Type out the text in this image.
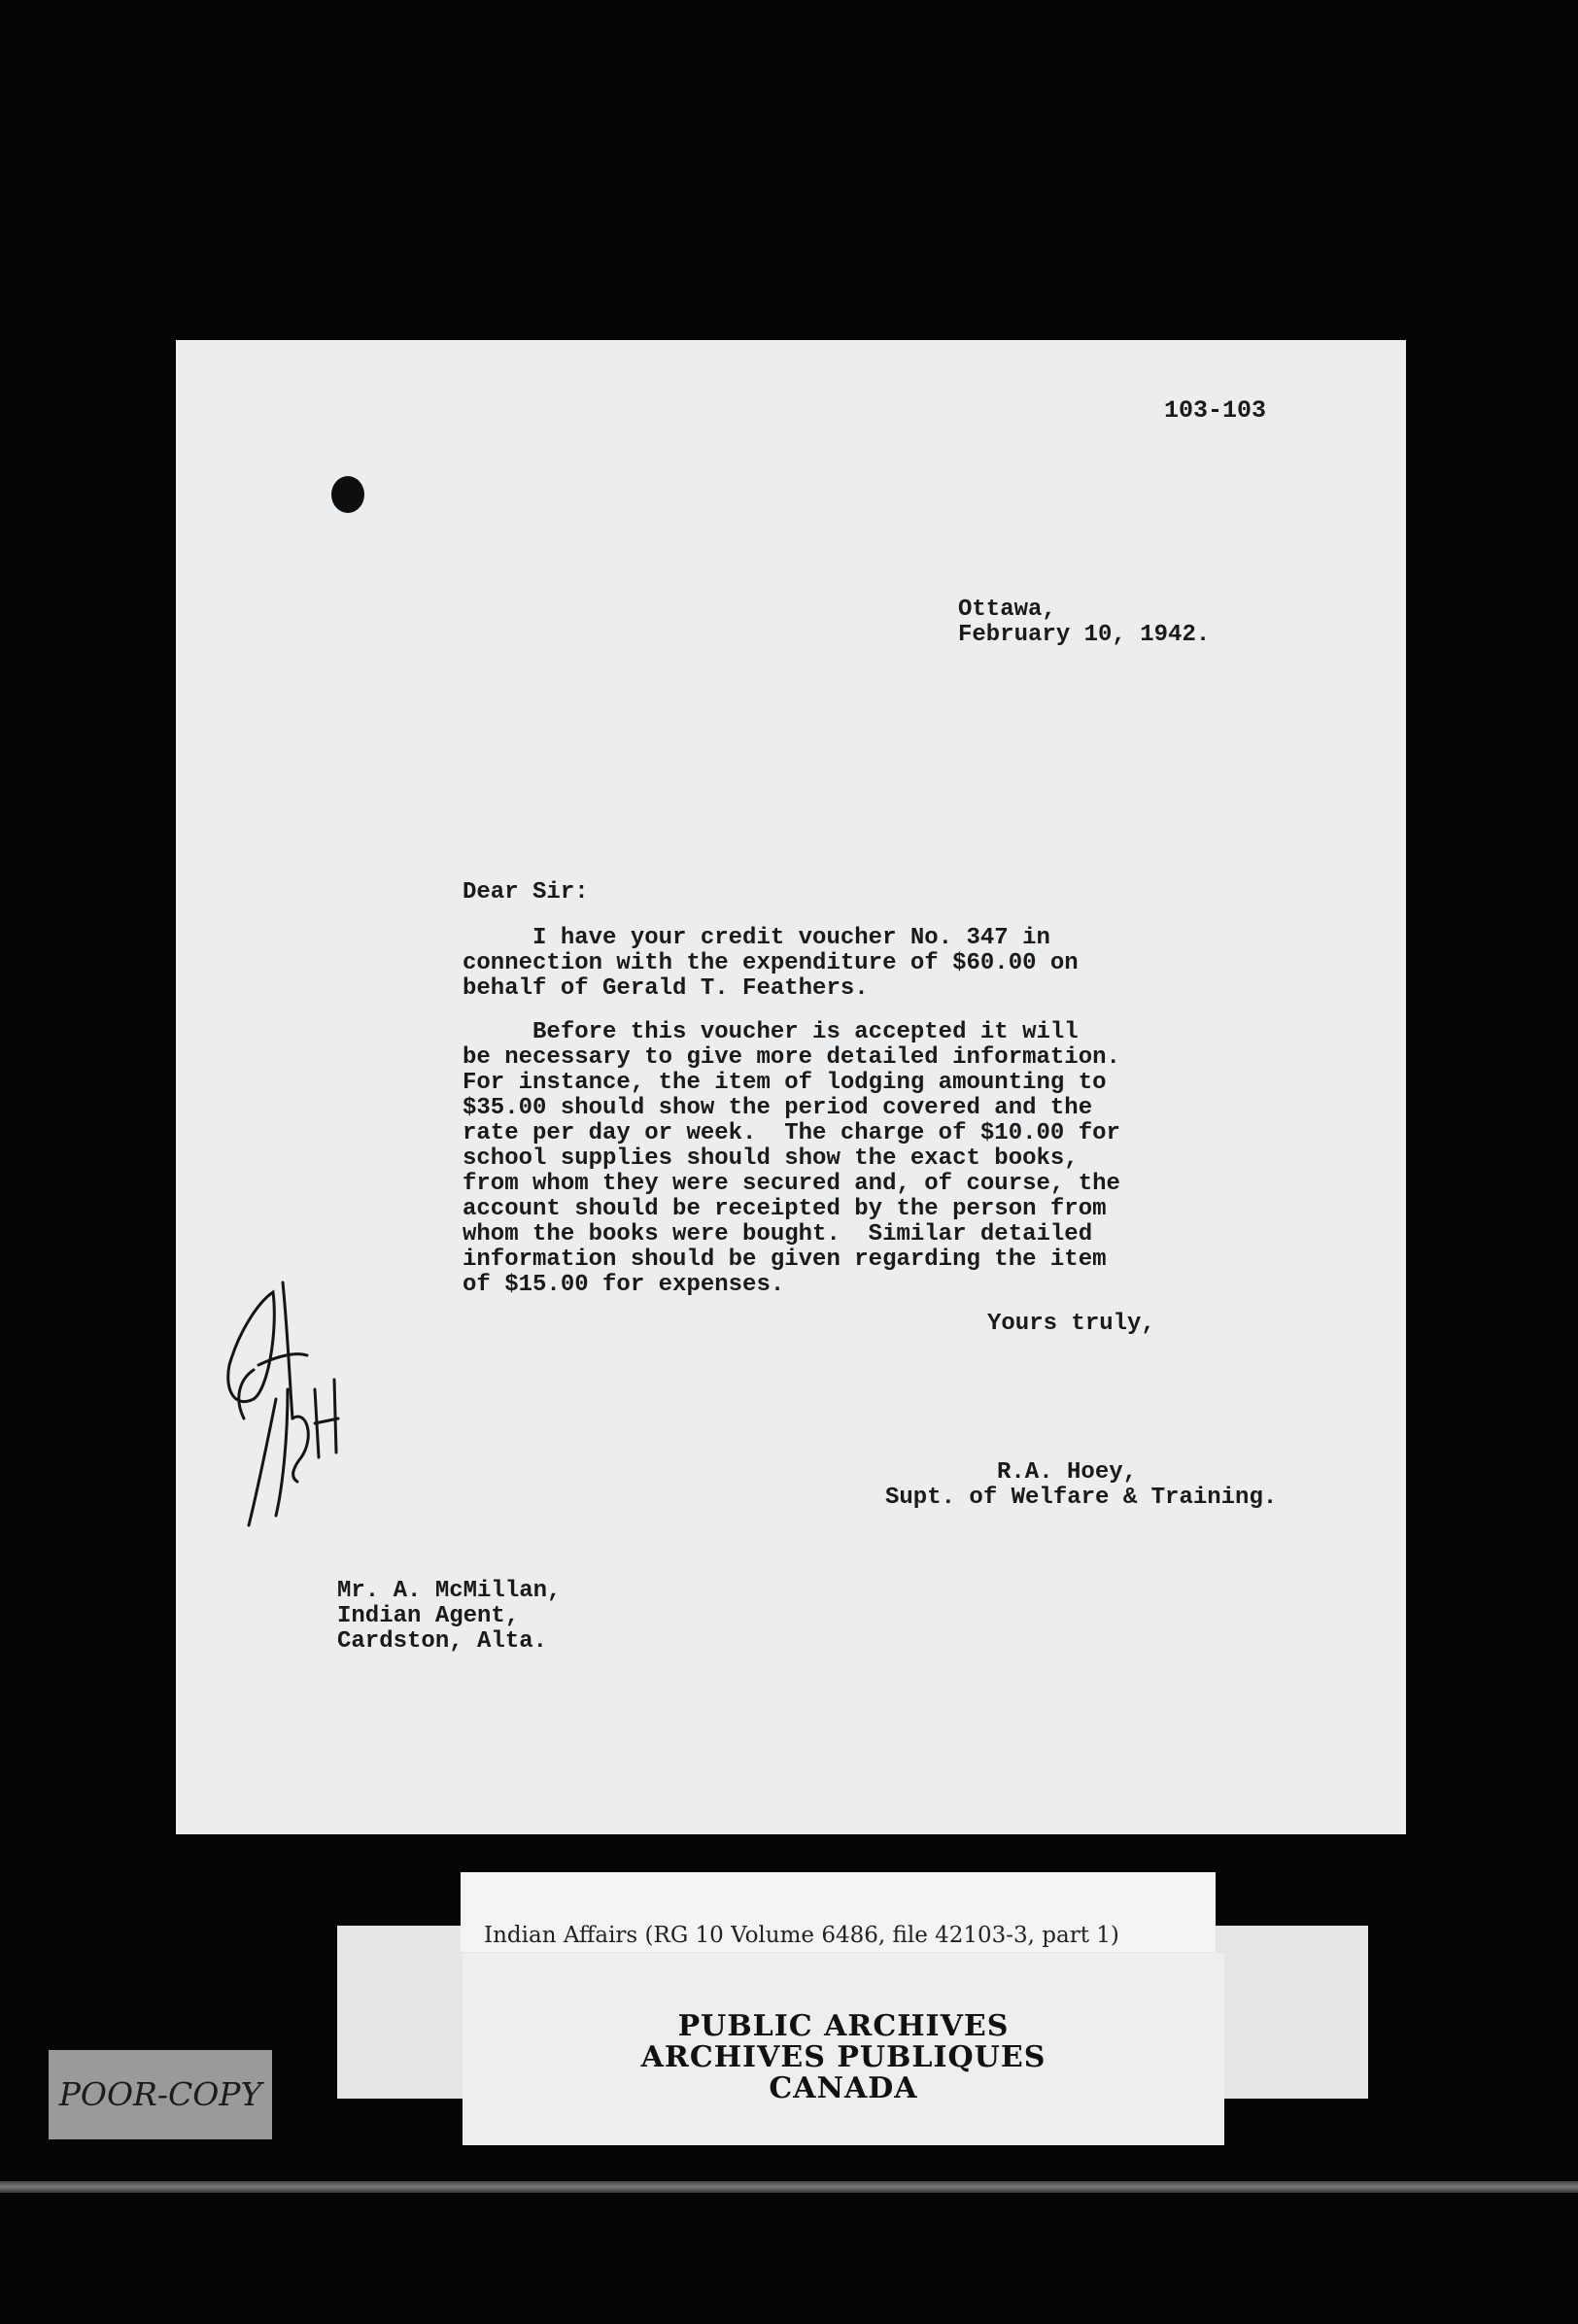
103-103
Ottawa,
February 10, 1942.
Dear Sir:
I have your credit voucher No. 347 in
connection with the expenditure of $60.00 on
behalf of Gerald T. Feathers.
Before this voucher is accepted it will
be necessary to give more detailed information.
For instance, the item of lodging amounting to
$35.00 should show the period covered and the
rate per day or week.  The charge of $10.00 for
school supplies should show the exact books,
from whom they were secured and, of course, the
account should be receipted by the person from
whom the books were bought.  Similar detailed
information should be given regarding the item
of $15.00 for expenses.
Yours truly,
R.A. Hoey,
Supt. of Welfare & Training.
Mr. A. McMillan,
Indian Agent,
Cardston, Alta.
Indian Affairs (RG 10 Volume 6486, file 42103-3, part 1)
PUBLIC ARCHIVES
ARCHIVES PUBLIQUES
CANADA
POOR-COPY
